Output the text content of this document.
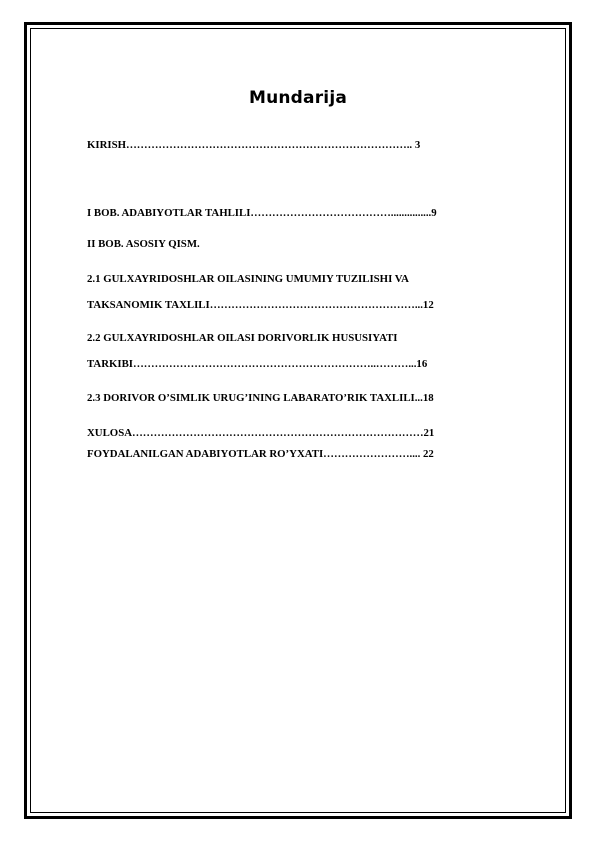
Mundarija
KIRISH…………………………………………………………………….. 3
I BOB. ADABIYOTLAR TAHLILI…………………………………...............9
II BOB. ASOSIY QISM.
2.1 GULXAYRIDOSHLAR OILASINING UMUMIY TUZILISHI VA
TAKSANOMIK TAXLILI…………………………………………………...12
2.2 GULXAYRIDOSHLAR OILASI DORIVORLIK HUSUSIYATI
TARKIBI…………………………………………………………..………...16
2.3 DORIVOR O’SIMLIK URUG’INING LABARATO’RIK TAXLILI...18
XULOSA………………………………………………………………………21
FOYDALANILGAN ADABIYOTLAR RO’YXATI…………………….... 22
